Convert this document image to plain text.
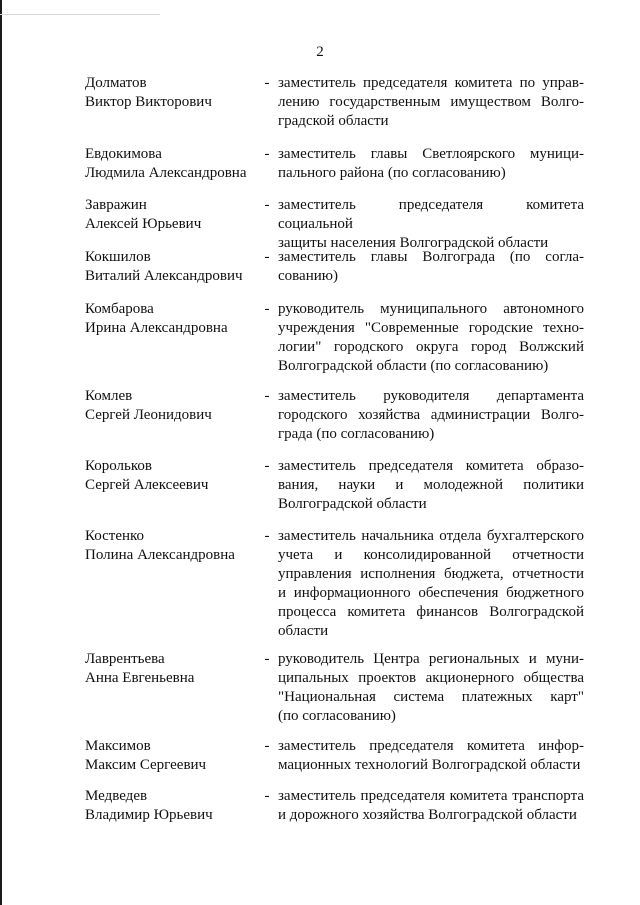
2
Долматов
Виктор Викторович
- заместитель председателя комитета по управ-
лению государственным имуществом Волго-
градской области
Евдокимова
Людмила Александровна
- заместитель главы Светлоярского муници-
пального района (по согласованию)
Завражин
Алексей Юрьевич
- заместитель председателя комитета социальной
защиты населения Волгоградской области
Кокшилов
Виталий Александрович
- заместитель главы Волгограда (по согла-
сованию)
Комбарова
Ирина Александровна
- руководитель муниципального автономного
учреждения "Современные городские техно-
логии" городского округа город Волжский
Волгоградской области (по согласованию)
Комлев
Сергей Леонидович
- заместитель руководителя департамента
городского хозяйства администрации Волго-
града (по согласованию)
Корольков
Сергей Алексеевич
- заместитель председателя комитета образо-
вания, науки и молодежной политики
Волгоградской области
Костенко
Полина Александровна
- заместитель начальника отдела бухгалтерского
учета и консолидированной отчетности
управления исполнения бюджета, отчетности
и информационного обеспечения бюджетного
процесса комитета финансов Волгоградской
области
Лаврентьева
Анна Евгеньевна
- руководитель Центра региональных и муни-
ципальных проектов акционерного общества
"Национальная система платежных карт"
(по согласованию)
Максимов
Максим Сергеевич
- заместитель председателя комитета инфор-
мационных технологий Волгоградской области
Медведев
Владимир Юрьевич
- заместитель председателя комитета транспорта
и дорожного хозяйства Волгоградской области
